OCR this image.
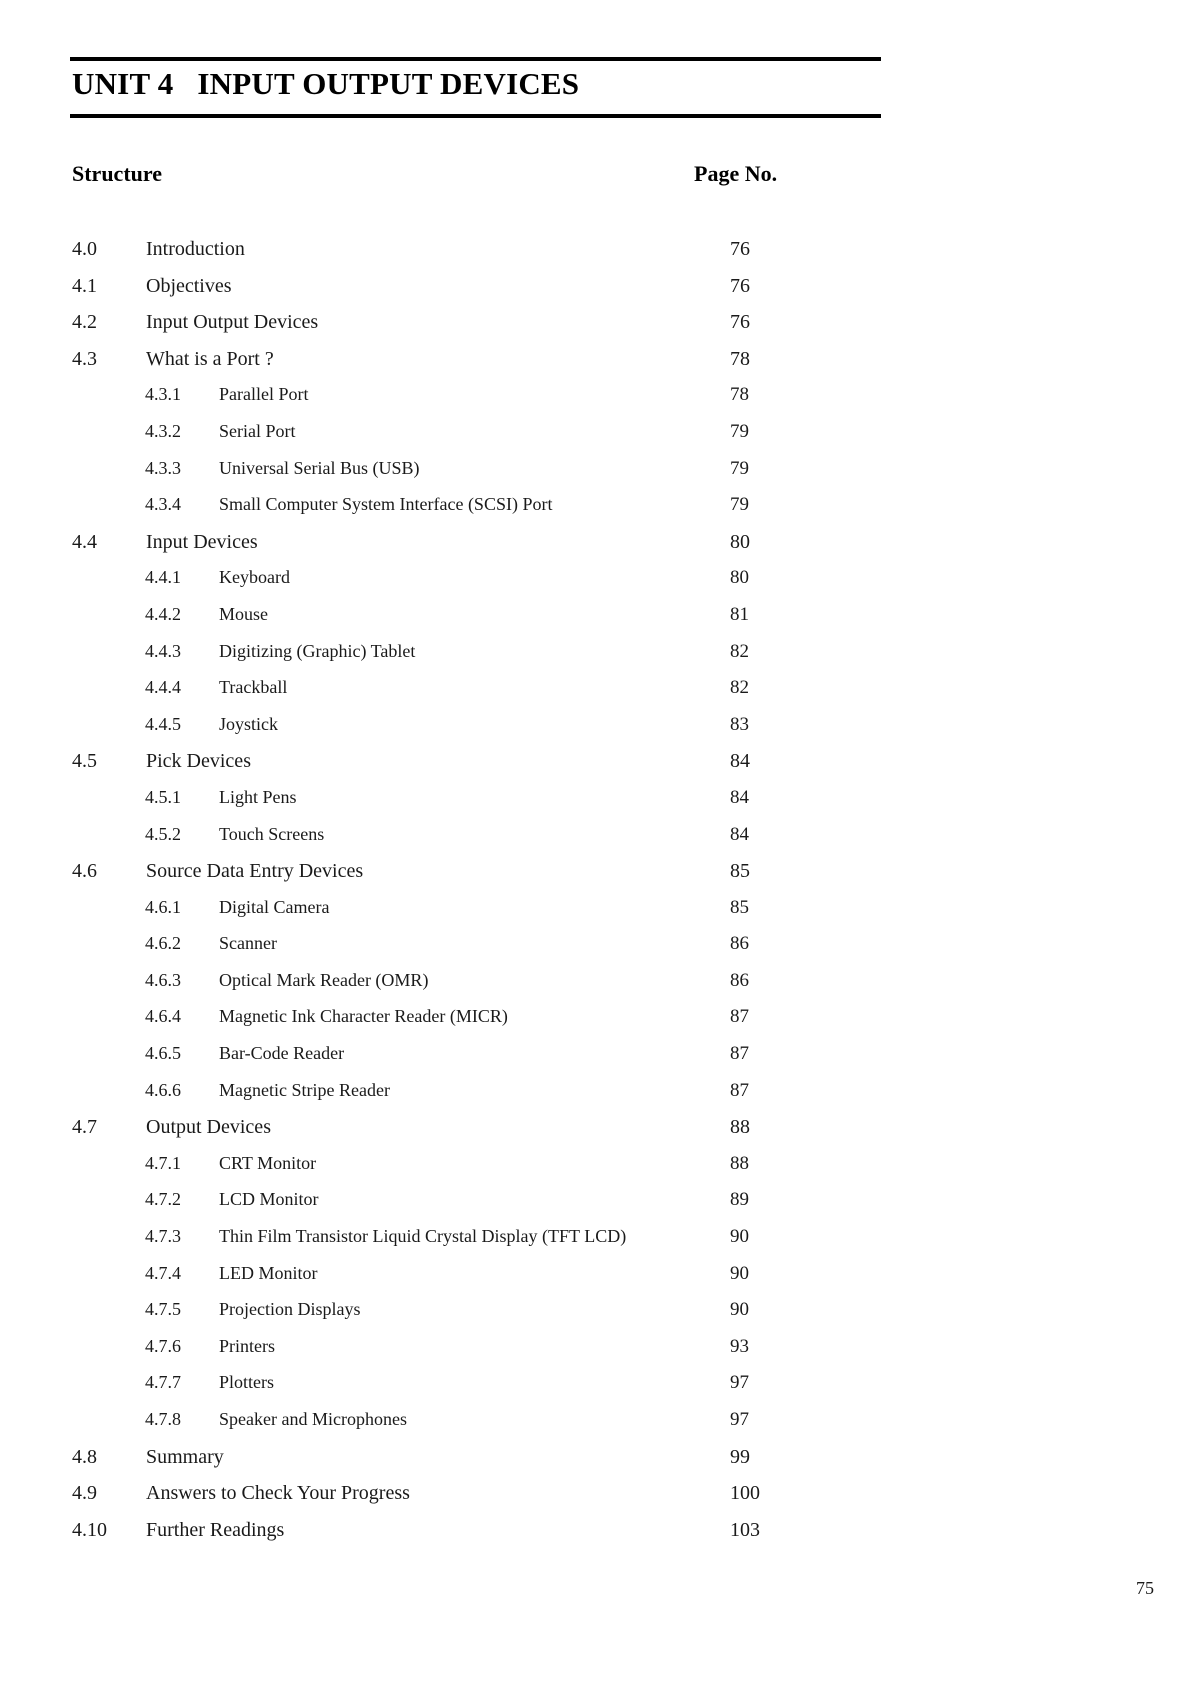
UNIT 4 INPUT OUTPUT DEVICES
Structure	Page No.
4.0 Introduction	76
4.1 Objectives	76
4.2 Input Output Devices	76
4.3 What is a Port ?	78
4.3.1 Parallel Port	78
4.3.2 Serial Port	79
4.3.3 Universal Serial Bus (USB)	79
4.3.4 Small Computer System Interface (SCSI) Port	79
4.4 Input Devices	80
4.4.1 Keyboard	80
4.4.2 Mouse	81
4.4.3 Digitizing (Graphic) Tablet	82
4.4.4 Trackball	82
4.4.5 Joystick	83
4.5 Pick Devices	84
4.5.1 Light Pens	84
4.5.2 Touch Screens	84
4.6 Source Data Entry Devices	85
4.6.1 Digital Camera	85
4.6.2 Scanner	86
4.6.3 Optical Mark Reader (OMR)	86
4.6.4 Magnetic Ink Character Reader (MICR)	87
4.6.5 Bar-Code Reader	87
4.6.6 Magnetic Stripe Reader	87
4.7 Output Devices	88
4.7.1 CRT Monitor	88
4.7.2 LCD Monitor	89
4.7.3 Thin Film Transistor Liquid Crystal Display (TFT LCD)	90
4.7.4 LED Monitor	90
4.7.5 Projection Displays	90
4.7.6 Printers	93
4.7.7 Plotters	97
4.7.8 Speaker and Microphones	97
4.8 Summary	99
4.9 Answers to Check Your Progress	100
4.10 Further Readings	103
75
